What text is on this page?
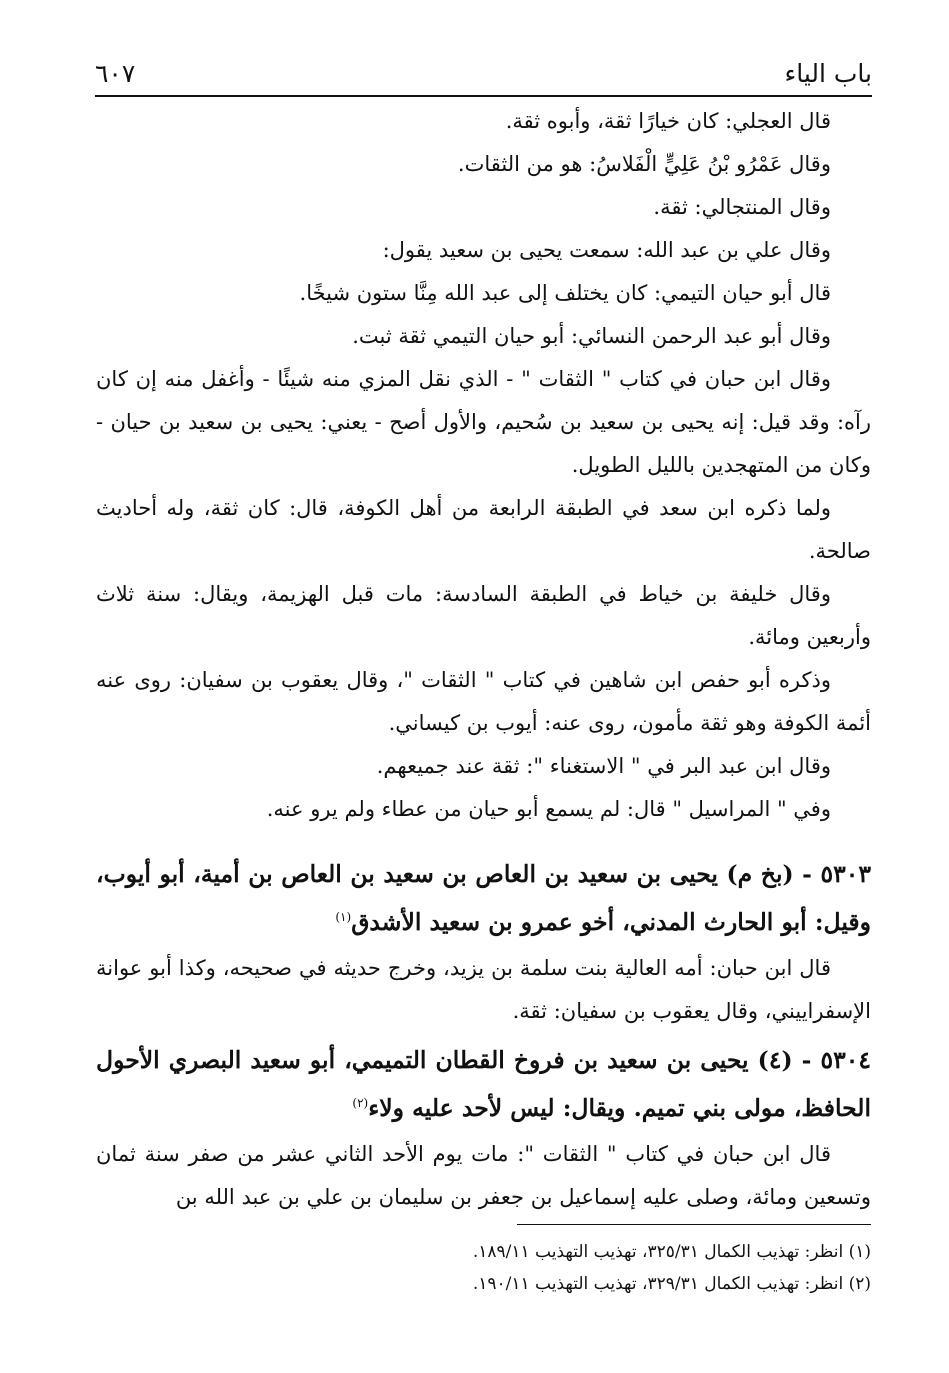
باب الياء
٦٠٧

قال العجلي: كان خيارًا ثقة، وأبوه ثقة.

وقال عَمْرُو بْنُ عَلِيٍّ الْفَلاسُ: هو من الثقات.

وقال المنتجالي: ثقة.

وقال علي بن عبد الله: سمعت يحيى بن سعيد يقول:

قال أبو حيان التيمي: كان يختلف إلى عبد الله مِنَّا ستون شيخًا.

وقال أبو عبد الرحمن النسائي: أبو حيان التيمي ثقة ثبت.

وقال ابن حبان في كتاب " الثقات " - الذي نقل المزي منه شيئًا - وأغفل منه إن كان رآه: وقد قيل: إنه يحيى بن سعيد بن سُحيم، والأول أصح - يعني: يحيى بن سعيد بن حيان - وكان من المتهجدين بالليل الطويل.

ولما ذكره ابن سعد في الطبقة الرابعة من أهل الكوفة، قال: كان ثقة، وله أحاديث صالحة.

وقال خليفة بن خياط في الطبقة السادسة: مات قبل الهزيمة، ويقال: سنة ثلاث وأربعين ومائة.

وذكره أبو حفص ابن شاهين في كتاب " الثقات "، وقال يعقوب بن سفيان: روى عنه أئمة الكوفة وهو ثقة مأمون، روى عنه: أيوب بن كيساني.

وقال ابن عبد البر في " الاستغناء ": ثقة عند جميعهم.

وفي " المراسيل " قال: لم يسمع أبو حيان من عطاء ولم يرو عنه.

٥٣٠٣ - (بخ م) يحيى بن سعيد بن العاص بن سعيد بن العاص بن أمية، أبو أيوب، وقيل: أبو الحارث المدني، أخو عمرو بن سعيد الأشدق$^{(١)}$
قال ابن حبان: أمه العالية بنت سلمة بن يزيد، وخرج حديثه في صحيحه، وكذا أبو عوانة الإسفراييني، وقال يعقوب بن سفيان: ثقة.
٥٣٠٤ - (٤) يحيى بن سعيد بن فروخ القطان التميمي، أبو سعيد البصري الأحول الحافظ، مولى بني تميم. ويقال: ليس لأحد عليه ولاء$^{(٢)}$
قال ابن حبان في كتاب " الثقات ": مات يوم الأحد الثاني عشر من صفر سنة ثمان وتسعين ومائة، وصلى عليه إسماعيل بن جعفر بن سليمان بن علي بن عبد الله بن
(١) انظر: تهذيب الكمال ٣٢٥/٣١، تهذيب التهذيب ١٨٩/١١.
(٢) انظر: تهذيب الكمال ٣٢٩/٣١، تهذيب التهذيب ١٩٠/١١.
